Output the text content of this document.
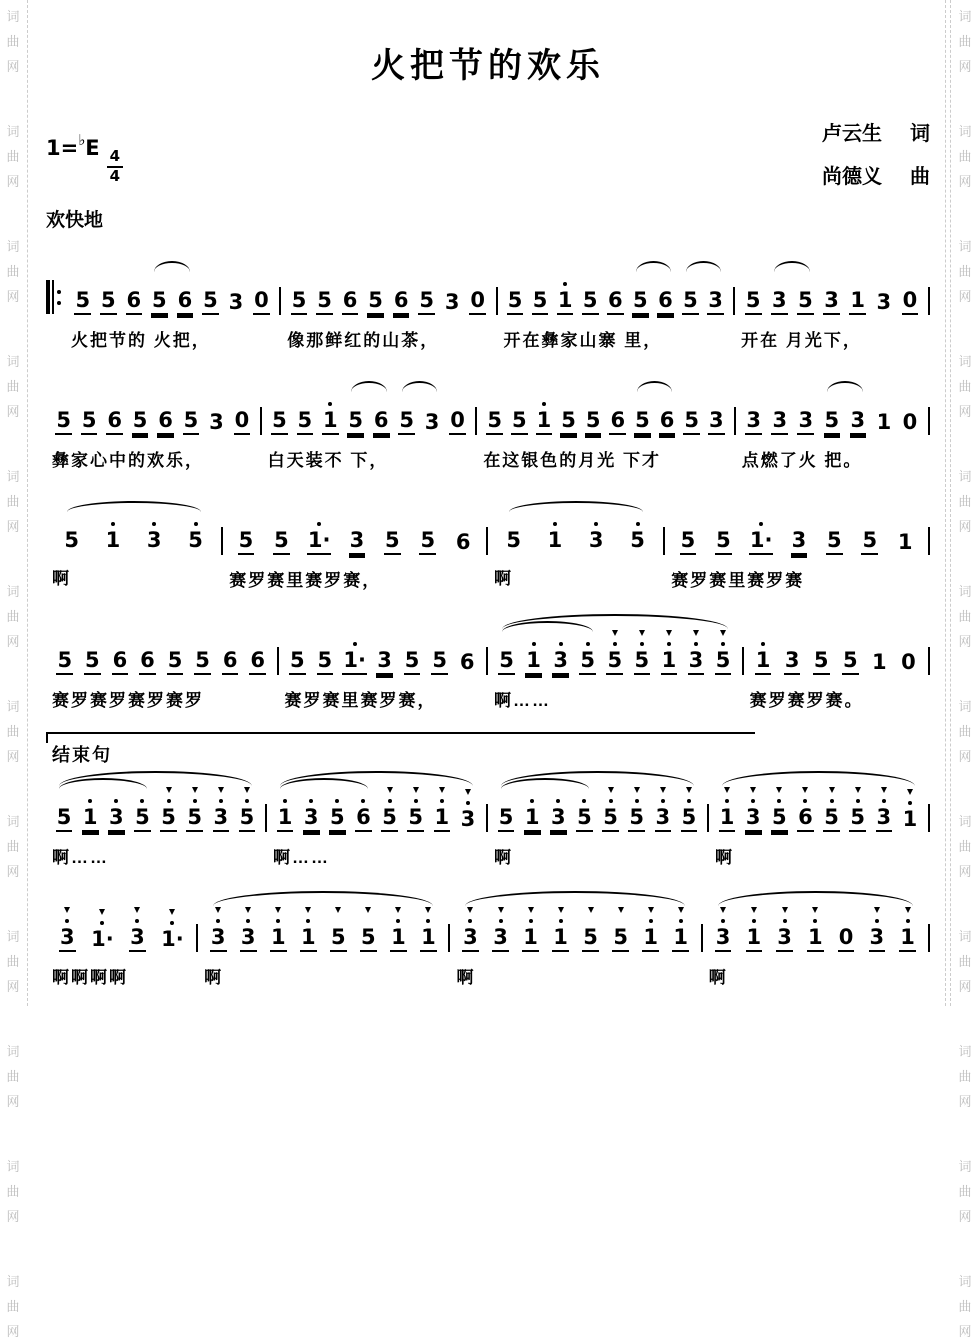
词
曲
网
词
曲
网
词
曲
网
词
曲
网
词
曲
网
词
曲
网
词
曲
网
词
曲
网
词
曲
网
词
曲
网
词
曲
网
词
曲
网
词
曲
网
词
曲
网
词
曲
网
词
曲
网
词
曲
网
词
曲
网
词
曲
网
词
曲
网
词
曲
网
词
曲
网
词
曲
网
词
曲
网
火把节的欢乐
1=♭E
$\frac{4}{4}$
卢云生 词
尚德义 曲
欢快地
5 5 6 5 6 5 3 0
火把节的 火把，
5 5 6 5 6 5 3 0
像那鲜红的山茶，
5 5 1 5 6 5 6 5 3
开在彝家山寨 里，
5 3 5 3 1 3 0
开在 月光下，
5 5 6 5 6 5 3 0
彝家心中的欢乐，
5 5 1 5 6 5 3 0
白天装不 下，
5 5 1 5 5 6 5 6 5 3
在这银色的月光 下才
3 3 3 5 3 1 0
点燃了火 把。
5 1 3 5
啊
5 5 1· 3 5 5 6
赛罗赛里赛罗赛，
5 1 3 5
啊
5 5 1· 3 5 5 1
赛罗赛里赛罗赛
5 5 6 6 5 5 6 6
赛罗赛罗赛罗赛罗
5 5 1· 3 5 5 6
赛罗赛里赛罗赛，
5 1 3 5 5 5 1 3 5
啊……
1 3 5 5 1 0
赛罗赛罗赛。
结束句
5 1 3 5 5 5 3 5
啊……
1 3 5 6 5 5 1 3
啊……
5 1 3 5 5 5 3 5
啊
1 3 5 6 5 5 3 1
啊
3 1· 3 1·
啊啊啊啊
3 3 1 1 5 5 1 1
啊
3 3 1 1 5 5 1 1
啊
3 1 3 1 0 3 1
啊
